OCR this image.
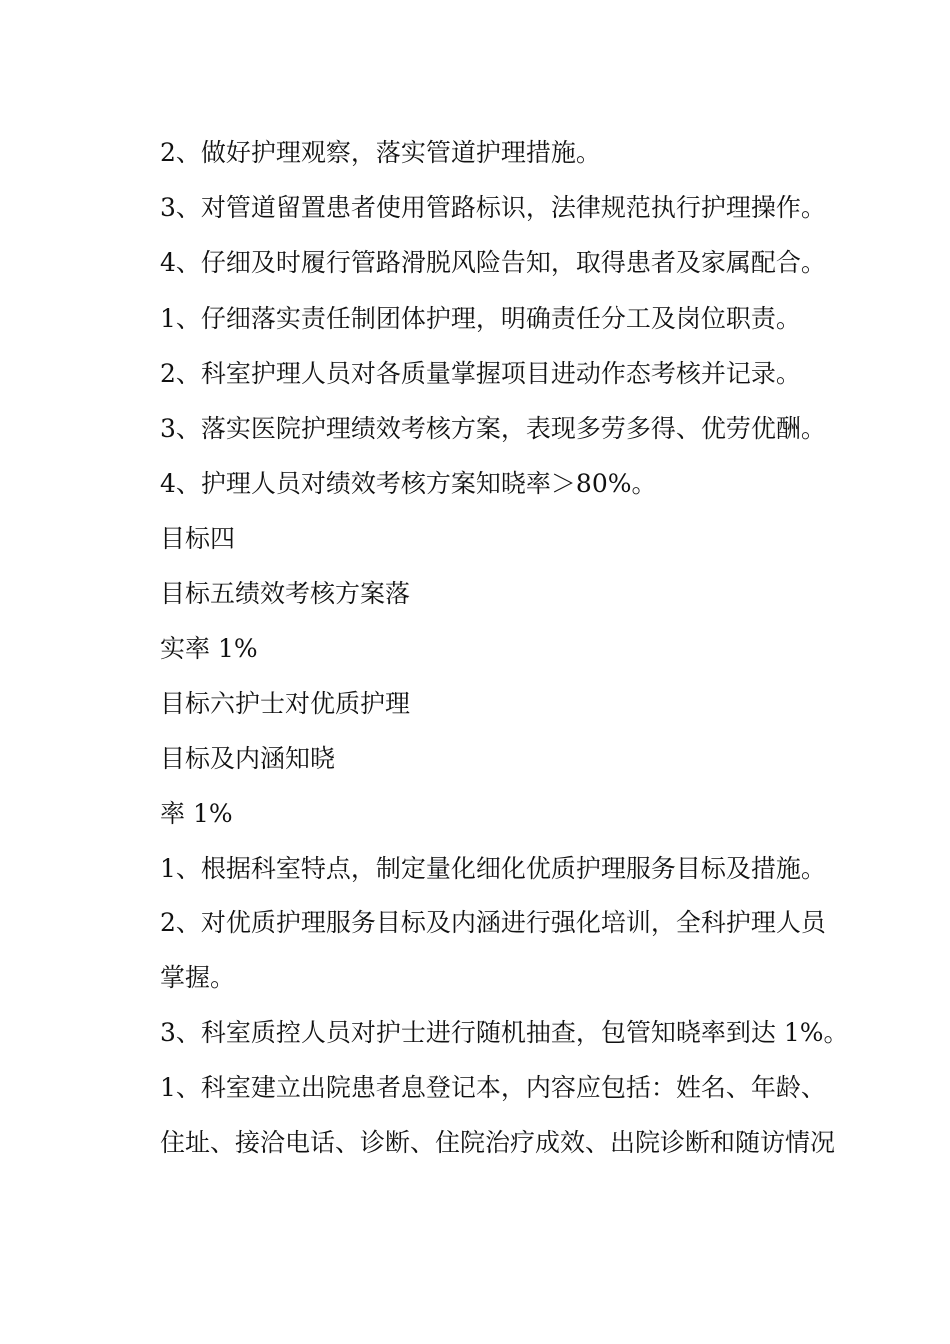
2、做好护理观察，落实管道护理措施。

3、对管道留置患者使用管路标识，法律规范执行护理操作。

4、仔细及时履行管路滑脱风险告知，取得患者及家属配合。

1、仔细落实责任制团体护理，明确责任分工及岗位职责。

2、科室护理人员对各质量掌握项目进动作态考核并记录。

3、落实医院护理绩效考核方案，表现多劳多得、优劳优酬。

4、护理人员对绩效考核方案知晓率＞80%。

目标四

目标五绩效考核方案落

实率 1%

目标六护士对优质护理

目标及内涵知晓

率 1%

1、根据科室特点，制定量化细化优质护理服务目标及措施。

2、对优质护理服务目标及内涵进行强化培训，全科护理人员

掌握。

3、科室质控人员对护士进行随机抽查，包管知晓率到达 1%。

1、科室建立出院患者息登记本，内容应包括：姓名、年龄、

住址、接洽电话、诊断、住院治疗成效、出院诊断和随访情况
